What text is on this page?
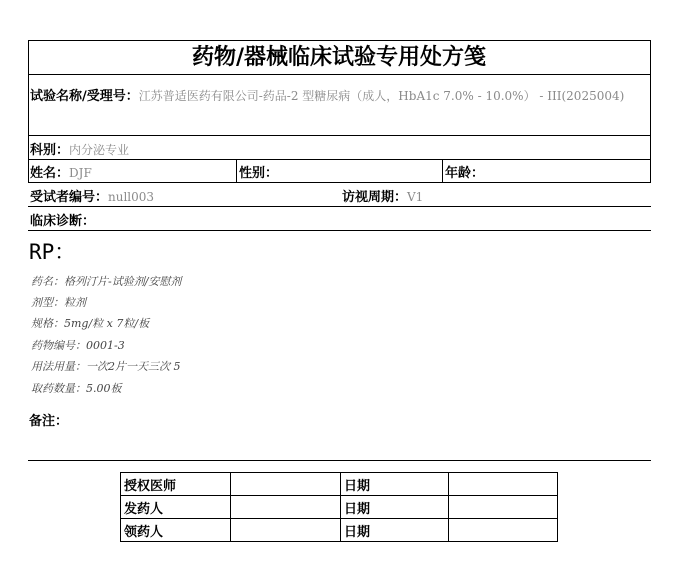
药物/器械临床试验专用处方笺
试验名称/受理号：江苏普适医药有限公司-药品-2 型糖尿病（成人，HbA1c 7.0% - 10.0%） - III(2025004)
科别：内分泌专业
姓名：DJF	性别：	年龄：
受试者编号：null003	访视周期：V1
临床诊断：
RP：
药名：格列汀片-试验剂/安慰剂
剂型：粒剂
规格：5mg/粒 x 7粒/板
药物编号：0001-3
用法用量：一次2片一天三次 5
取药数量：5.00板
备注：
授权医师		日期	
发药人		日期	
领药人		日期	
